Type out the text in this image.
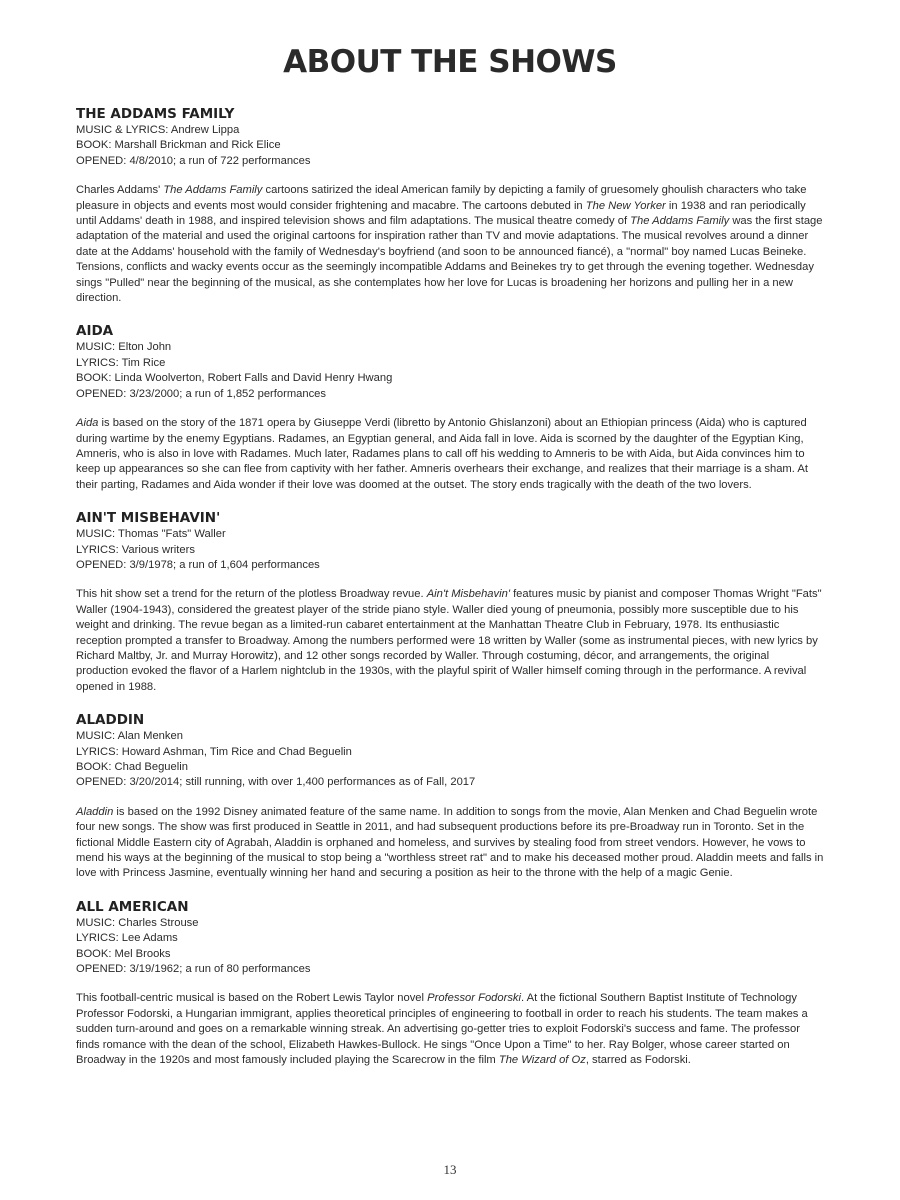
ABOUT THE SHOWS
THE ADDAMS FAMILY

MUSIC & LYRICS: Andrew Lippa

BOOK: Marshall Brickman and Rick Elice

OPENED: 4/8/2010; a run of 722 performances

Charles Addams' The Addams Family cartoons satirized the ideal American family by depicting a family of gruesomely ghoulish characters who take pleasure in objects and events most would consider frightening and macabre. The cartoons debuted in The New Yorker in 1938 and ran periodically until Addams' death in 1988, and inspired television shows and film adaptations. The musical theatre comedy of The Addams Family was the first stage adaptation of the material and used the original cartoons for inspiration rather than TV and movie adaptations. The musical revolves around a dinner date at the Addams' household with the family of Wednesday's boyfriend (and soon to be announced fiancé), a "normal" boy named Lucas Beineke. Tensions, conflicts and wacky events occur as the seemingly incompatible Addams and Beinekes try to get through the evening together. Wednesday sings "Pulled" near the beginning of the musical, as she contemplates how her love for Lucas is broadening her horizons and pulling her in a new direction.

AIDA

MUSIC: Elton John

LYRICS: Tim Rice

BOOK: Linda Woolverton, Robert Falls and David Henry Hwang

OPENED: 3/23/2000; a run of 1,852 performances

Aida is based on the story of the 1871 opera by Giuseppe Verdi (libretto by Antonio Ghislanzoni) about an Ethiopian princess (Aida) who is captured during wartime by the enemy Egyptians. Radames, an Egyptian general, and Aida fall in love. Aida is scorned by the daughter of the Egyptian King, Amneris, who is also in love with Radames. Much later, Radames plans to call off his wedding to Amneris to be with Aida, but Aida convinces him to keep up appearances so she can flee from captivity with her father. Amneris overhears their exchange, and realizes that their marriage is a sham. At their parting, Radames and Aida wonder if their love was doomed at the outset. The story ends tragically with the death of the two lovers.

AIN'T MISBEHAVIN'

MUSIC: Thomas "Fats" Waller

LYRICS: Various writers

OPENED: 3/9/1978; a run of 1,604 performances

This hit show set a trend for the return of the plotless Broadway revue. Ain't Misbehavin' features music by pianist and composer Thomas Wright "Fats" Waller (1904-1943), considered the greatest player of the stride piano style. Waller died young of pneumonia, possibly more susceptible due to his weight and drinking. The revue began as a limited-run cabaret entertainment at the Manhattan Theatre Club in February, 1978. Its enthusiastic reception prompted a transfer to Broadway. Among the numbers performed were 18 written by Waller (some as instrumental pieces, with new lyrics by Richard Maltby, Jr. and Murray Horowitz), and 12 other songs recorded by Waller. Through costuming, décor, and arrangements, the original production evoked the flavor of a Harlem nightclub in the 1930s, with the playful spirit of Waller himself coming through in the performance. A revival opened in 1988.

ALADDIN

MUSIC: Alan Menken

LYRICS: Howard Ashman, Tim Rice and Chad Beguelin

BOOK: Chad Beguelin

OPENED: 3/20/2014; still running, with over 1,400 performances as of Fall, 2017

Aladdin is based on the 1992 Disney animated feature of the same name. In addition to songs from the movie, Alan Menken and Chad Beguelin wrote four new songs. The show was first produced in Seattle in 2011, and had subsequent productions before its pre-Broadway run in Toronto. Set in the fictional Middle Eastern city of Agrabah, Aladdin is orphaned and homeless, and survives by stealing food from street vendors. However, he vows to mend his ways at the beginning of the musical to stop being a "worthless street rat" and to make his deceased mother proud. Aladdin meets and falls in love with Princess Jasmine, eventually winning her hand and securing a position as heir to the throne with the help of a magic Genie.

ALL AMERICAN

MUSIC: Charles Strouse

LYRICS: Lee Adams

BOOK: Mel Brooks

OPENED: 3/19/1962; a run of 80 performances

This football-centric musical is based on the Robert Lewis Taylor novel Professor Fodorski. At the fictional Southern Baptist Institute of Technology Professor Fodorski, a Hungarian immigrant, applies theoretical principles of engineering to football in order to reach his students. The team makes a sudden turn-around and goes on a remarkable winning streak. An advertising go-getter tries to exploit Fodorski's success and fame. The professor finds romance with the dean of the school, Elizabeth Hawkes-Bullock. He sings "Once Upon a Time" to her. Ray Bolger, whose career started on Broadway in the 1920s and most famously included playing the Scarecrow in the film The Wizard of Oz, starred as Fodorski.

13
